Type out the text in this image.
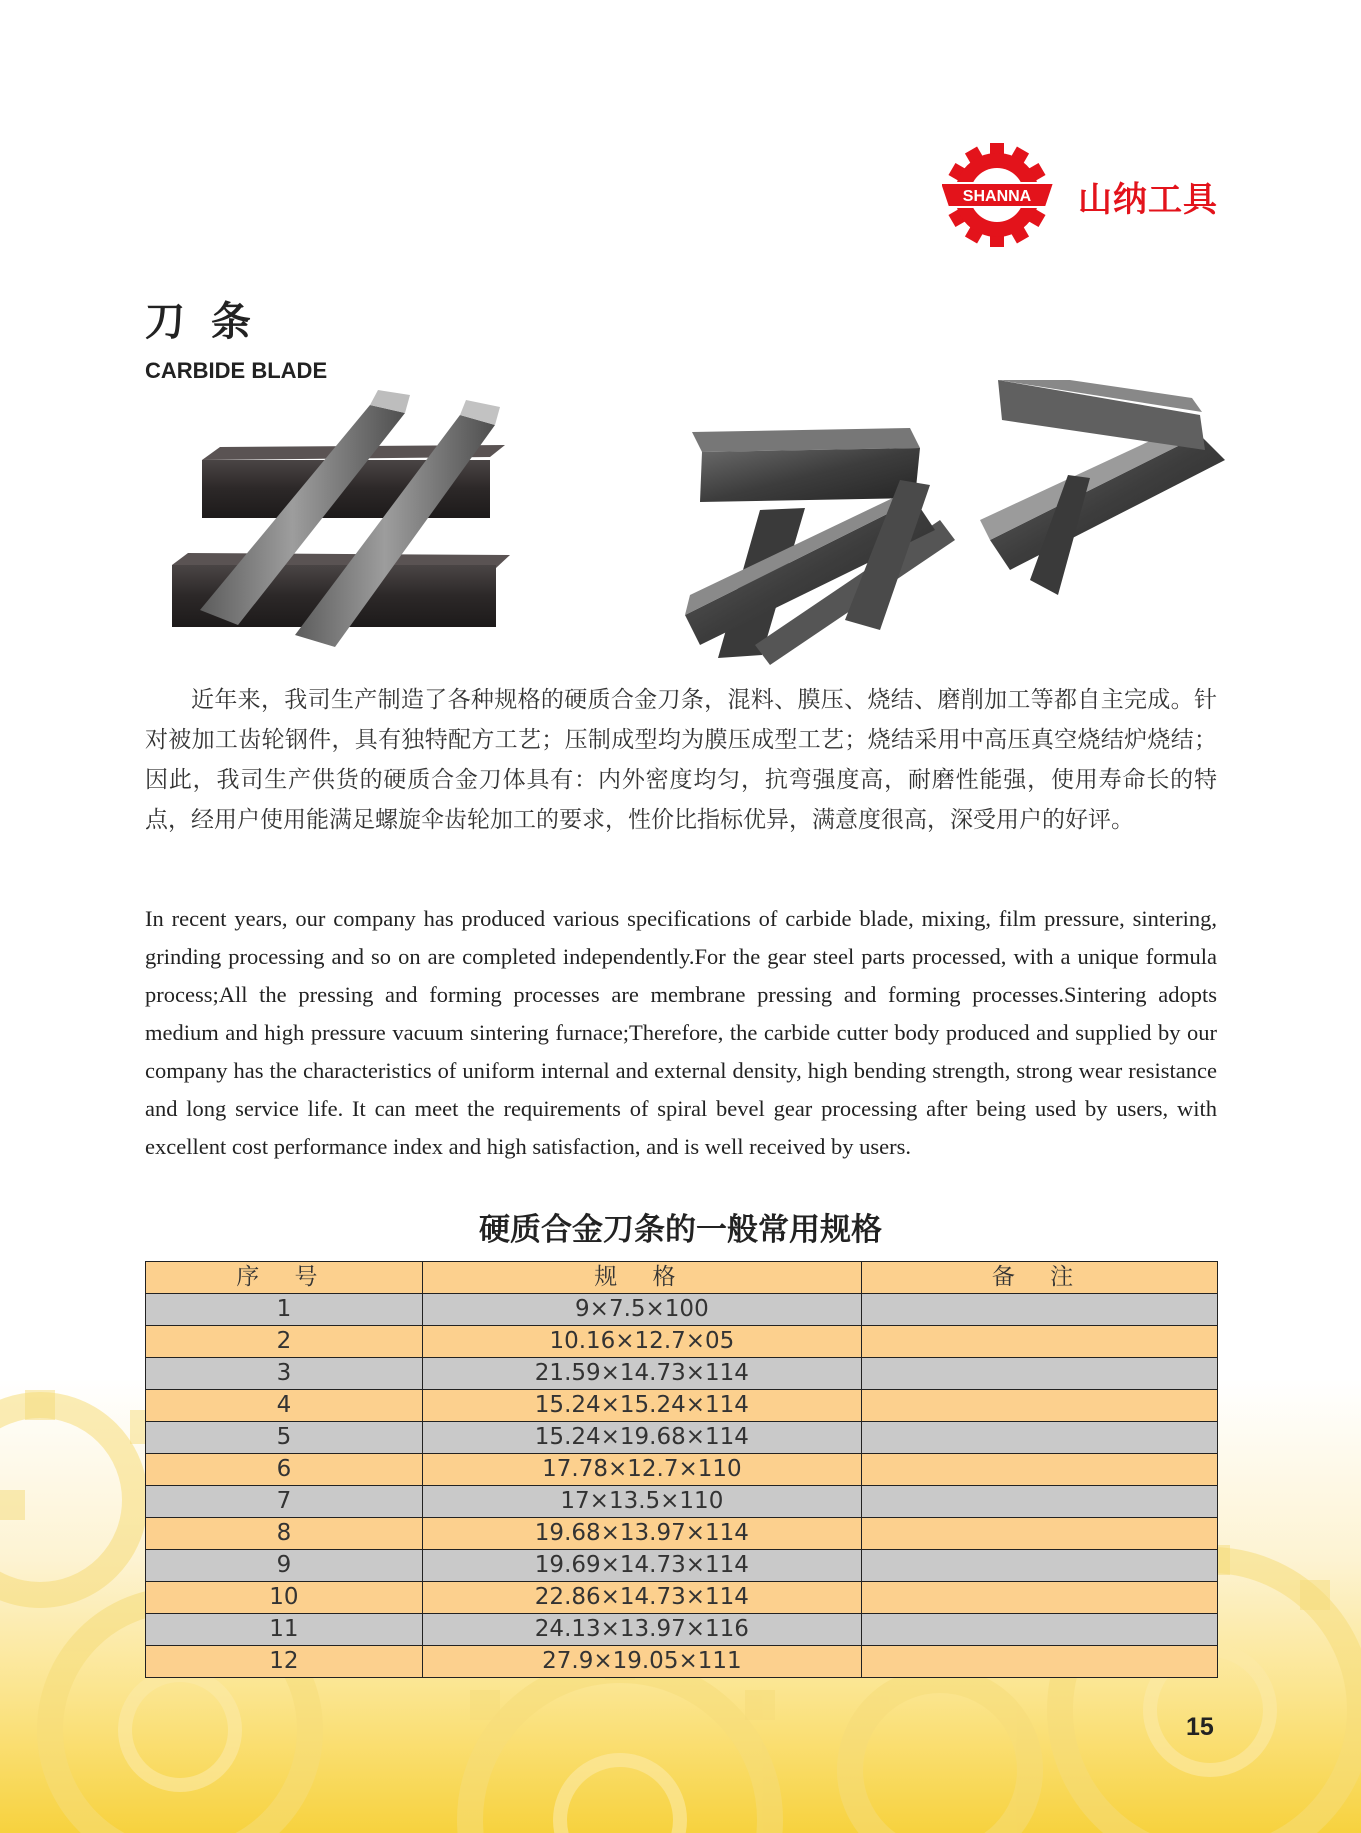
SHANNA 山纳工具
刀 条
CARBIDE BLADE
近年来，我司生产制造了各种规格的硬质合金刀条，混料、膜压、烧结、磨削加工等都自主完成。针对被加工齿轮钢件，具有独特配方工艺；压制成型均为膜压成型工艺；烧结采用中高压真空烧结炉烧结；因此，我司生产供货的硬质合金刀体具有：内外密度均匀，抗弯强度高，耐磨性能强，使用寿命长的特点，经用户使用能满足螺旋伞齿轮加工的要求，性价比指标优异，满意度很高，深受用户的好评。
In recent years, our company has produced various specifications of carbide blade, mixing, film pressure, sintering, grinding processing and so on are completed independently.For the gear steel parts processed, with a unique formula process;All the pressing and forming processes are membrane pressing and forming processes.Sintering adopts medium and high pressure vacuum sintering furnace;Therefore, the carbide cutter body produced and supplied by our company has the characteristics of uniform internal and external density, high bending strength, strong wear resistance and long service life. It can meet the requirements of spiral bevel gear processing after being used by users, with excellent cost performance index and high satisfaction, and is well received by users.
硬质合金刀条的一般常用规格
序 号	规 格	备 注
1	9×7.5×100	
2	10.16×12.7×05	
3	21.59×14.73×114	
4	15.24×15.24×114	
5	15.24×19.68×114	
6	17.78×12.7×110	
7	17×13.5×110	
8	19.68×13.97×114	
9	19.69×14.73×114	
10	22.86×14.73×114	
11	24.13×13.97×116	
12	27.9×19.05×111	
15
